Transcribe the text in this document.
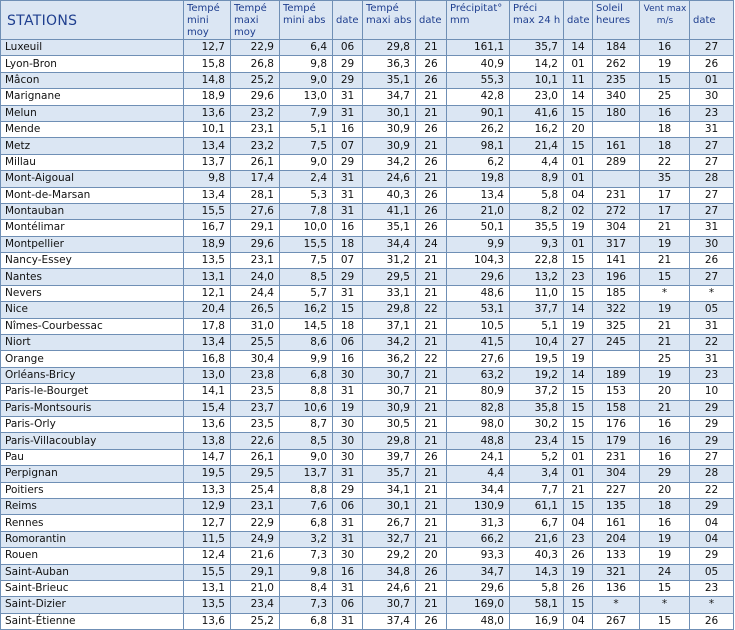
STATIONS	Tempé mini moy	Tempé maxi moy	Tempé mini abs	date	Tempé maxi abs	date	Précipitat° mm	Préci max 24 h	date	Soleil heures	Vent max m/s	date
Luxeuil	12,7	22,9	6,4	06	29,8	21	161,1	35,7	14	184	16	27
Lyon-Bron	15,8	26,8	9,8	29	36,3	26	40,9	14,2	01	262	19	26
Mâcon	14,8	25,2	9,0	29	35,1	26	55,3	10,1	11	235	15	01
Marignane	18,9	29,6	13,0	31	34,7	21	42,8	23,0	14	340	25	30
Melun	13,6	23,2	7,9	31	30,1	21	90,1	41,6	15	180	16	23
Mende	10,1	23,1	5,1	16	30,9	26	26,2	16,2	20		18	31
Metz	13,4	23,2	7,5	07	30,9	21	98,1	21,4	15	161	18	27
Millau	13,7	26,1	9,0	29	34,2	26	6,2	4,4	01	289	22	27
Mont-Aigoual	9,8	17,4	2,4	31	24,6	21	19,8	8,9	01		35	28
Mont-de-Marsan	13,4	28,1	5,3	31	40,3	26	13,4	5,8	04	231	17	27
Montauban	15,5	27,6	7,8	31	41,1	26	21,0	8,2	02	272	17	27
Montélimar	16,7	29,1	10,0	16	35,1	26	50,1	35,5	19	304	21	31
Montpellier	18,9	29,6	15,5	18	34,4	24	9,9	9,3	01	317	19	30
Nancy-Essey	13,5	23,1	7,5	07	31,2	21	104,3	22,8	15	141	21	26
Nantes	13,1	24,0	8,5	29	29,5	21	29,6	13,2	23	196	15	27
Nevers	12,1	24,4	5,7	31	33,1	21	48,6	11,0	15	185	*	*
Nice	20,4	26,5	16,2	15	29,8	22	53,1	37,7	14	322	19	05
Nîmes-Courbessac	17,8	31,0	14,5	18	37,1	21	10,5	5,1	19	325	21	31
Niort	13,4	25,5	8,6	06	34,2	21	41,5	10,4	27	245	21	22
Orange	16,8	30,4	9,9	16	36,2	22	27,6	19,5	19		25	31
Orléans-Bricy	13,0	23,8	6,8	30	30,7	21	63,2	19,2	14	189	19	23
Paris-le-Bourget	14,1	23,5	8,8	31	30,7	21	80,9	37,2	15	153	20	10
Paris-Montsouris	15,4	23,7	10,6	19	30,9	21	82,8	35,8	15	158	21	29
Paris-Orly	13,6	23,5	8,7	30	30,5	21	98,0	30,2	15	176	16	29
Paris-Villacoublay	13,8	22,6	8,5	30	29,8	21	48,8	23,4	15	179	16	29
Pau	14,7	26,1	9,0	30	39,7	26	24,1	5,2	01	231	16	27
Perpignan	19,5	29,5	13,7	31	35,7	21	4,4	3,4	01	304	29	28
Poitiers	13,3	25,4	8,8	29	34,1	21	34,4	7,7	21	227	20	22
Reims	12,9	23,1	7,6	06	30,1	21	130,9	61,1	15	135	18	29
Rennes	12,7	22,9	6,8	31	26,7	21	31,3	6,7	04	161	16	04
Romorantin	11,5	24,9	3,2	31	32,7	21	66,2	21,6	23	204	19	04
Rouen	12,4	21,6	7,3	30	29,2	20	93,3	40,3	26	133	19	29
Saint-Auban	15,5	29,1	9,8	16	34,8	26	34,7	14,3	19	321	24	05
Saint-Brieuc	13,1	21,0	8,4	31	24,6	21	29,6	5,8	26	136	15	23
Saint-Dizier	13,5	23,4	7,3	06	30,7	21	169,0	58,1	15	*	*	*
Saint-Étienne	13,6	25,2	6,8	31	37,4	26	48,0	16,9	04	267	15	26
